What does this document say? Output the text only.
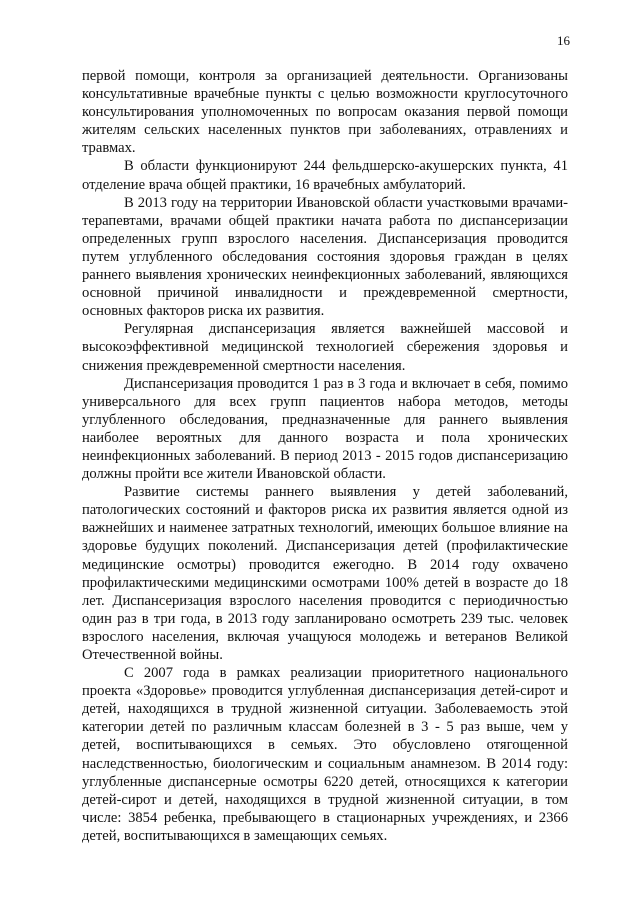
16

первой помощи, контроля за организацией деятельности. Организованы консультативные врачебные пункты с целью возможности круглосуточного консультирования уполномоченных по вопросам оказания первой помощи жителям сельских населенных пунктов при заболеваниях, отравлениях и травмах.

В области функционируют 244 фельдшерско-акушерских пункта, 41 отделение врача общей практики, 16 врачебных амбулаторий.

В 2013 году на территории Ивановской области участковыми врачами-терапевтами, врачами общей практики начата работа по диспансеризации определенных групп взрослого населения. Диспансеризация проводится путем углубленного обследования состояния здоровья граждан в целях раннего выявления хронических неинфекционных заболеваний, являющихся основной причиной инвалидности и преждевременной смертности, основных факторов риска их развития.

Регулярная диспансеризация является важнейшей массовой и высокоэффективной медицинской технологией сбережения здоровья и снижения преждевременной смертности населения.

Диспансеризация проводится 1 раз в 3 года и включает в себя, помимо универсального для всех групп пациентов набора методов, методы углубленного обследования, предназначенные для раннего выявления наиболее вероятных для данного возраста и пола хронических неинфекционных заболеваний. В период 2013 - 2015 годов диспансеризацию должны пройти все жители Ивановской области.

Развитие системы раннего выявления у детей заболеваний, патологических состояний и факторов риска их развития является одной из важнейших и наименее затратных технологий, имеющих большое влияние на здоровье будущих поколений. Диспансеризация детей (профилактические медицинские осмотры) проводится ежегодно. В 2014 году охвачено профилактическими медицинскими осмотрами 100% детей в возрасте до 18 лет. Диспансеризация взрослого населения проводится с периодичностью один раз в три года, в 2013 году запланировано осмотреть 239 тыс. человек взрослого населения, включая учащуюся молодежь и ветеранов Великой Отечественной войны.

С 2007 года в рамках реализации приоритетного национального проекта «Здоровье» проводится углубленная диспансеризация детей-сирот и детей, находящихся в трудной жизненной ситуации. Заболеваемость этой категории детей по различным классам болезней в 3 - 5 раз выше, чем у детей, воспитывающихся в семьях. Это обусловлено отягощенной наследственностью, биологическим и социальным анамнезом. В 2014 году: углубленные диспансерные осмотры 6220 детей, относящихся к категории детей-сирот и детей, находящихся в трудной жизненной ситуации, в том числе: 3854 ребенка, пребывающего в стационарных учреждениях, и 2366 детей, воспитывающихся в замещающих семьях.
